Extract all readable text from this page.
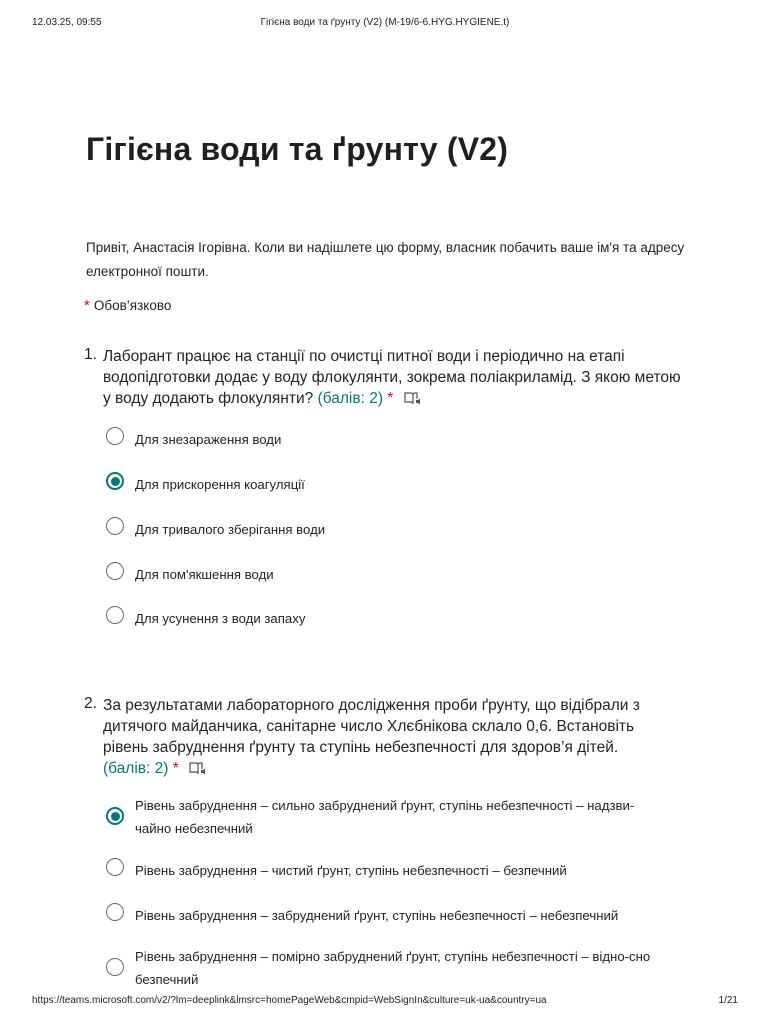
12.03.25, 09:55	Гігієна води та ґрунту (V2) (M-19/6-6.HYG.HYGIENE.t)
Гігієна води та ґрунту (V2)
Привіт, Анастасія Ігорівна. Коли ви надішлете цю форму, власник побачить ваше ім'я та адресу електронної пошти.
* Обов’язково
1. Лаборант працює на станції по очистці питної води і періодично на етапі водопідготовки додає у воду флокулянти, зокрема поліакриламід. З якою метою у воду додають флокулянти? (балів: 2) *
Для знезараження води
Для прискорення коагуляції
Для тривалого зберігання води
Для пом'якшення води
Для усунення з води запаху
2. За результатами лабораторного дослідження проби ґрунту, що відібрали з дитячого майданчика, санітарне число Хлєбнікова склало 0,6. Встановіть рівень забруднення ґрунту та ступінь небезпечності для здоров’я дітей.
(балів: 2) *
Рівень забруднення – сильно забруднений ґрунт, ступінь небезпечності – надзви-чайно небезпечний
Рівень забруднення – чистий ґрунт, ступінь небезпечності – безпечний
Рівень забруднення – забруднений ґрунт, ступінь небезпечності – небезпечний
Рівень забруднення – помірно забруднений ґрунт, ступінь небезпечності – відно-сно безпечний
https://teams.microsoft.com/v2/?lm=deeplink&lmsrc=homePageWeb&cmpid=WebSignIn&culture=uk-ua&country=ua	1/21
